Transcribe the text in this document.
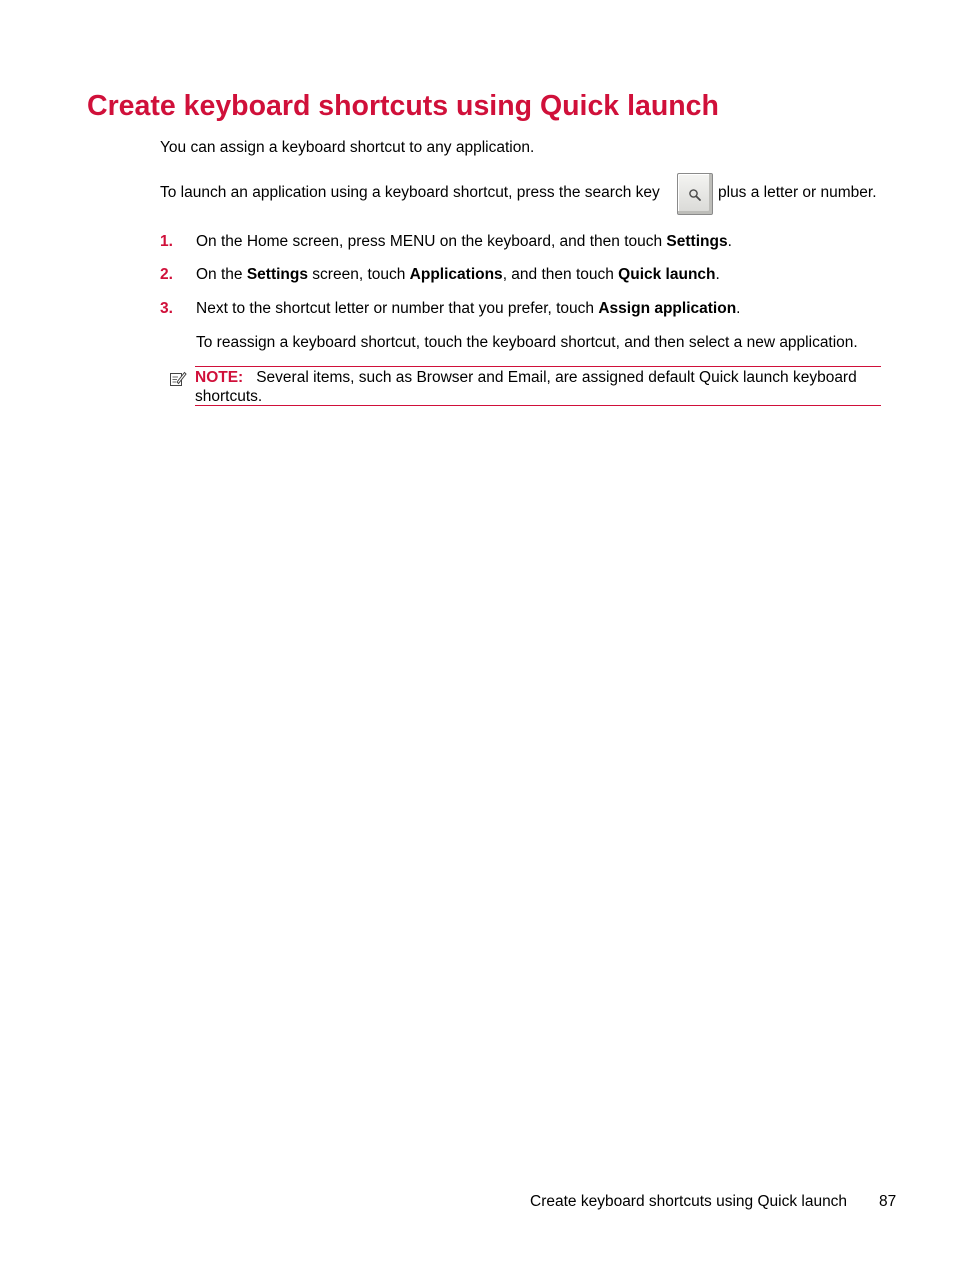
Create keyboard shortcuts using Quick launch

You can assign a keyboard shortcut to any application.

To launch an application using a keyboard shortcut, press the search key	plus a letter or number.

1. On the Home screen, press MENU on the keyboard, and then touch Settings.

2. On the Settings screen, touch Applications, and then touch Quick launch.

3. Next to the shortcut letter or number that you prefer, touch Assign application.

To reassign a keyboard shortcut, touch the keyboard shortcut, and then select a new application.

NOTE: Several items, such as Browser and Email, are assigned default Quick launch keyboard shortcuts.

Create keyboard shortcuts using Quick launch 87
